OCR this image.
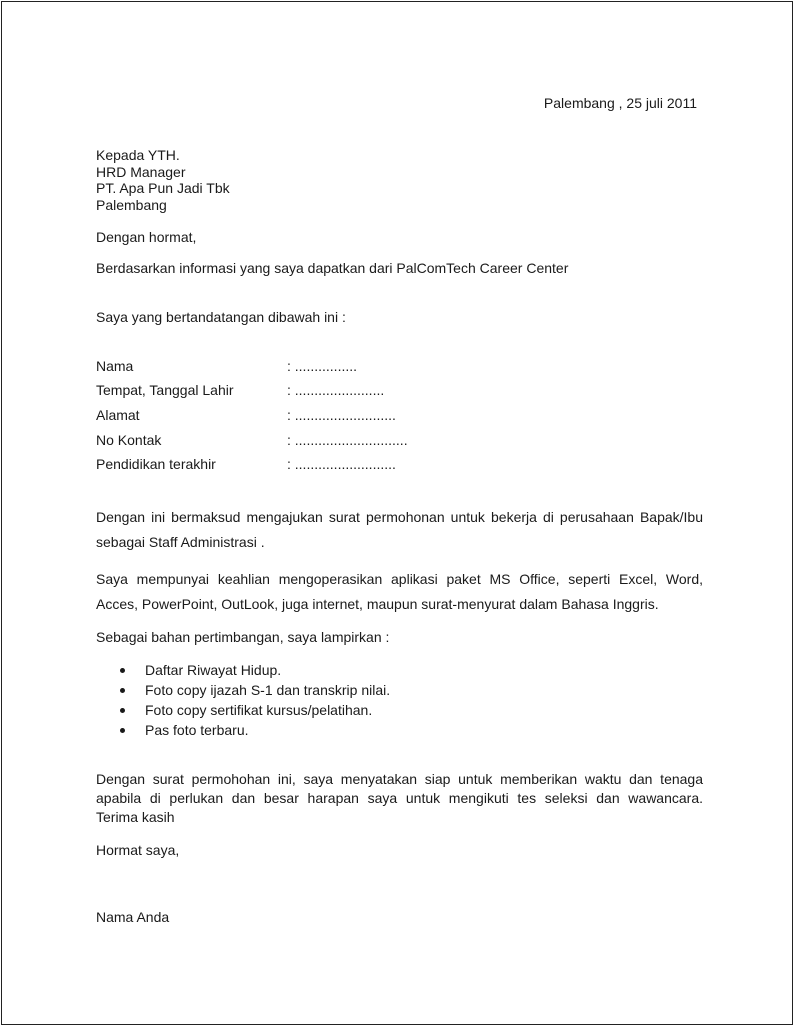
Palembang , 25 juli 2011
Kepada YTH.
HRD Manager
PT. Apa Pun Jadi Tbk
Palembang
Dengan hormat,
Berdasarkan informasi yang saya dapatkan dari PalComTech Career Center
Saya yang bertandatangan dibawah ini :
Nama	: ................
Tempat, Tanggal Lahir	: .......................
Alamat	: ..........................
No Kontak	: .............................
Pendidikan terakhir	: ..........................
Dengan ini bermaksud mengajukan surat permohonan untuk bekerja di perusahaan Bapak/Ibu
sebagai Staff Administrasi .
Saya mempunyai keahlian mengoperasikan aplikasi paket MS Office, seperti Excel, Word,
Acces, PowerPoint, OutLook, juga internet, maupun surat-menyurat dalam Bahasa Inggris.
Sebagai bahan pertimbangan, saya lampirkan :
Daftar Riwayat Hidup.
Foto copy ijazah S-1 dan transkrip nilai.
Foto copy sertifikat kursus/pelatihan.
Pas foto terbaru.
Dengan surat permohohan ini, saya menyatakan siap untuk memberikan waktu dan tenaga
apabila di perlukan dan besar harapan saya untuk mengikuti tes seleksi dan wawancara.
Terima kasih
Hormat saya,
Nama Anda
